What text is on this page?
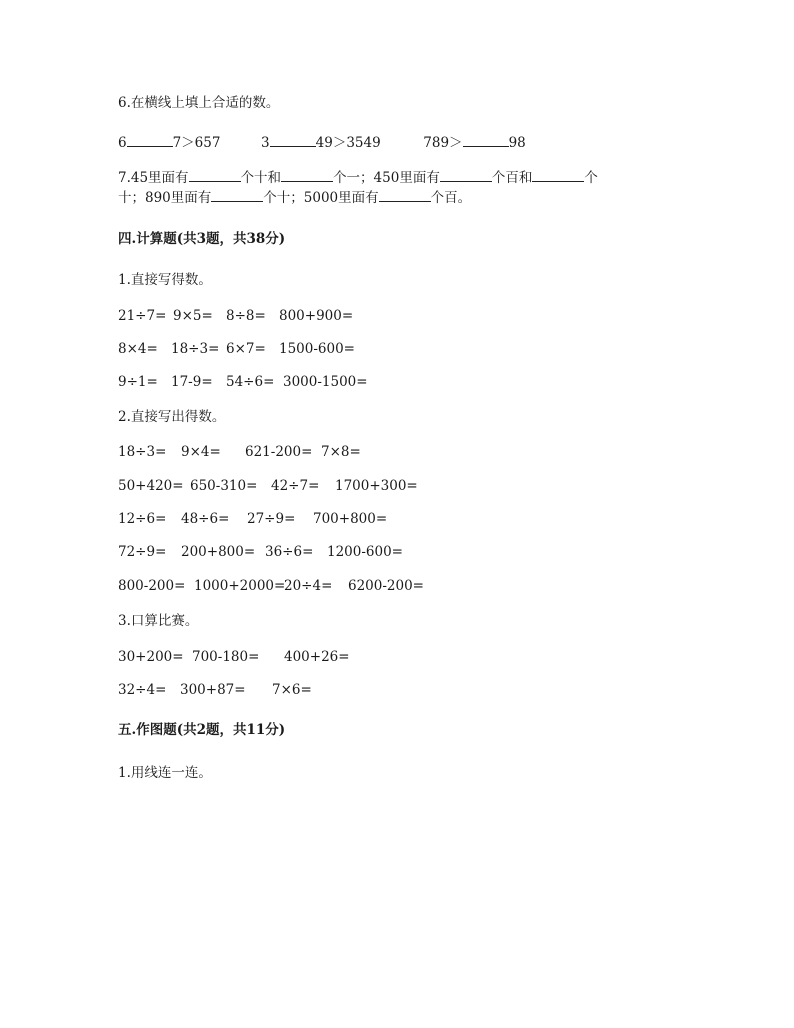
6.在横线上填上合适的数。
6	7＞657	3	49＞3549	789＞	98
7.45里面有	个十和	个一；450里面有	个百和	个
十；890里面有	个十；5000里面有	个百。
四.计算题(共3题，共38分)
1.直接写得数。
21÷7= 9×5= 8÷8= 800+900=
8×4= 18÷3= 6×7= 1500-600=
9÷1= 17-9= 54÷6= 3000-1500=
2.直接写出得数。
18÷3= 9×4= 621-200= 7×8=
50+420= 650-310= 42÷7= 1700+300=
12÷6= 48÷6= 27÷9= 700+800=
72÷9= 200+800= 36÷6= 1200-600=
800-200= 1000+2000=20÷4= 6200-200=
3.口算比赛。
30+200= 700-180= 400+26=
32÷4= 300+87= 7×6=
五.作图题(共2题，共11分)
1.用线连一连。
